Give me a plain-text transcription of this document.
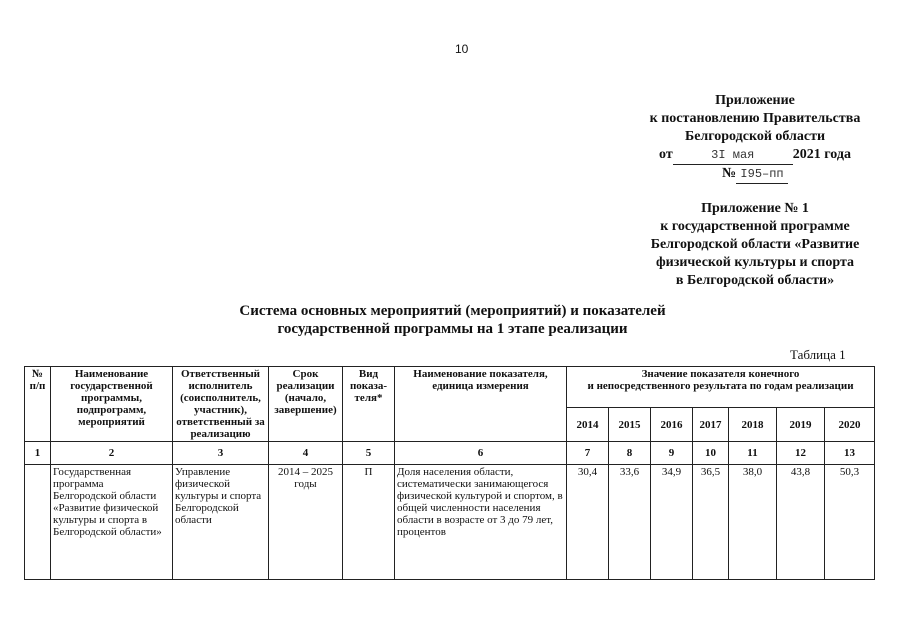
10
Приложение
к постановлению Правительства
Белгородской области
от	3I мая	2021 года
№ I95–пп
Приложение № 1
к государственной программе
Белгородской области «Развитие
физической культуры и спорта
в Белгородской области»
Система основных мероприятий (мероприятий) и показателей
государственной программы на 1 этапе реализации
Таблица 1
№ п/п	Наименование государственной программы, подпрограмм, мероприятий	Ответственный исполнитель (соисполнитель, участник), ответственный за реализацию	Срок реализации (начало, завершение)	Вид показа-теля*	Наименование показателя, единица измерения	Значение показателя конечного
и непосредственного результата по годам реализации						

						2014	2015	2016	2017	2018	2019	2020
1	2	3	4	5	6	7	8	9	10	11	12	13
	Государственная программа Белгородской области «Развитие физической культуры и спорта в Белгородской области»	Управление физической культуры и спорта Белгородской области	2014 – 2025 годы	П	Доля населения области, систематически занимающегося физической культурой и спортом, в общей численности населения области в возрасте от 3 до 79 лет, процентов	30,4	33,6	34,9	36,5	38,0	43,8	50,3
